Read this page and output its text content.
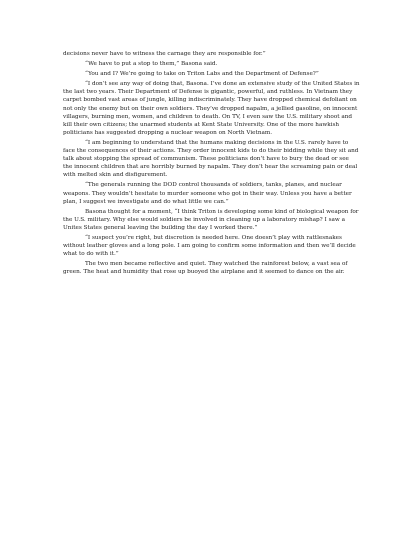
decisions never have to witness the carnage they are responsible for.”

“We have to put a stop to them,” Basona said.

“You and I? We’re going to take on Triton Labs and the Department of Defense?”

“I don’t see any way of doing that, Basona. I’ve done an extensive study of the United States in the last two years. Their Department of Defense is gigantic, powerful, and ruthless. In Vietnam they carpet bombed vast areas of jungle, killing indiscriminately. They have dropped chemical defoliant on not only the enemy but on their own soldiers. They’ve dropped napalm, a jellied gasoline, on innocent villagers, burning men, women, and children to death. On TV, I even saw the U.S. military shoot and kill their own citizens; the unarmed students at Kent State University. One of the more hawkish politicians has suggested dropping a nuclear weapon on North Vietnam.

“I am beginning to understand that the humans making decisions in the U.S. rarely have to face the consequences of their actions. They order innocent kids to do their bidding while they sit and talk about stopping the spread of communism. These politicians don’t have to bury the dead or see the innocent children that are horribly burned by napalm. They don’t hear the screaming pain or deal with melted skin and disfigurement.

“The generals running the DOD control thousands of soldiers, tanks, planes, and nuclear weapons. They wouldn’t hesitate to murder someone who got in their way. Unless you have a better plan, I suggest we investigate and do what little we can.”

Basona thought for a moment, “I think Triton is developing some kind of biological weapon for the U.S. military. Why else would soldiers be involved in cleaning up a laboratory mishap? I saw a Unites States general leaving the building the day I worked there.”

“I suspect you’re right, but discretion is needed here. One doesn’t play with rattlesnakes without leather gloves and a long pole. I am going to confirm some information and then we’ll decide what to do with it.”

The two men became reflective and quiet. They watched the rainforest below, a vast sea of green. The heat and humidity that rose up buoyed the airplane and it seemed to dance on the air.
